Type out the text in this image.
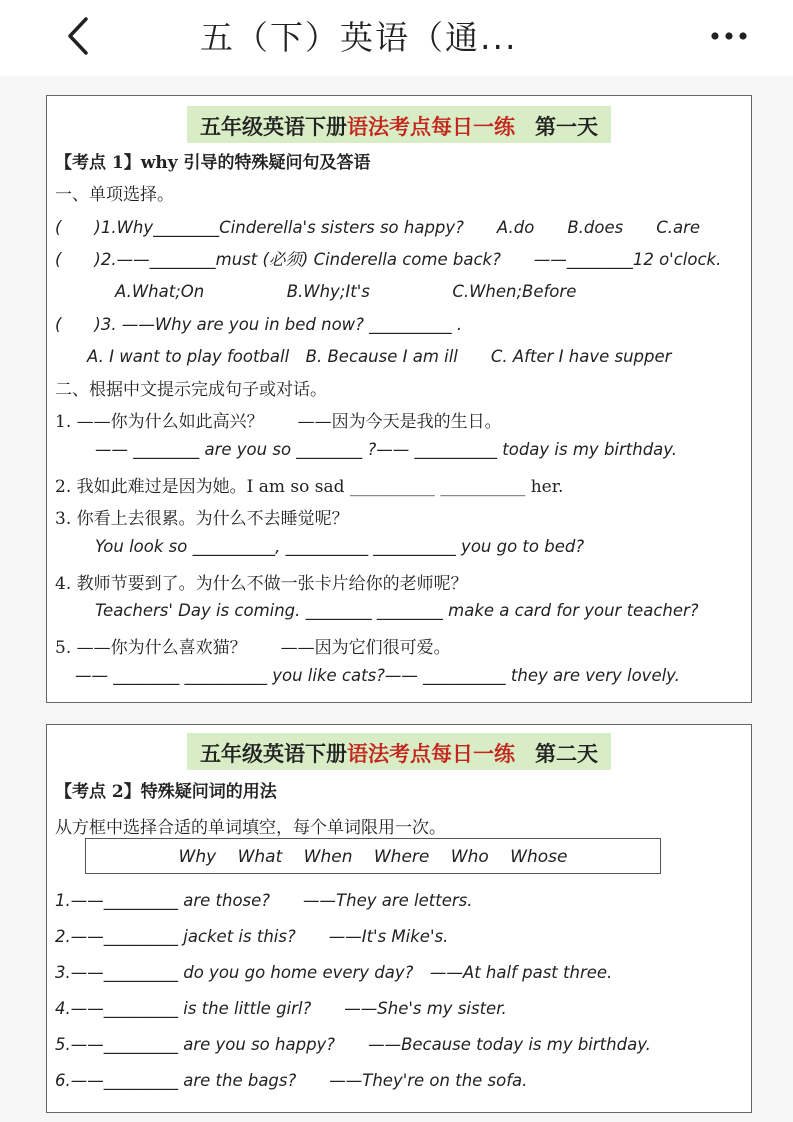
五（下）英语（通...
五年级英语下册语法考点每日一练 第一天
【考点 1】why 引导的特殊疑问句及答语
一、单项选择。
(　　)1.Why________Cinderella's sisters so happy?　　A.do　　B.does　　C.are
(　　)2.——________must (必须) Cinderella come back?　　——________12 o'clock.
A.What;On　　　　　B.Why;It's　　　　　C.When;Before
(　　)3. ——Why are you in bed now? __________ .
A. I want to play football　B. Because I am ill　　C. After I have supper
二、根据中文提示完成句子或对话。
1. ——你为什么如此高兴？　　——因为今天是我的生日。
—— ________ are you so ________ ?—— __________ today is my birthday.
2. 我如此难过是因为她。I am so sad __________ __________ her.
3. 你看上去很累。为什么不去睡觉呢？
You look so __________, __________ __________ you go to bed?
4. 教师节要到了。为什么不做一张卡片给你的老师呢？
Teachers' Day is coming. ________ ________ make a card for your teacher?
5. ——你为什么喜欢猫？　　——因为它们很可爱。
—— ________ __________ you like cats?—— __________ they are very lovely.
五年级英语下册语法考点每日一练 第二天
【考点 2】特殊疑问词的用法
从方框中选择合适的单词填空，每个单词限用一次。
Why What When Where Who Whose
1.——_________ are those?　　——They are letters.
2.——_________ jacket is this?　　——It's Mike's.
3.——_________ do you go home every day?　——At half past three.
4.——_________ is the little girl?　　——She's my sister.
5.——_________ are you so happy?　　——Because today is my birthday.
6.——_________ are the bags?　　——They're on the sofa.
